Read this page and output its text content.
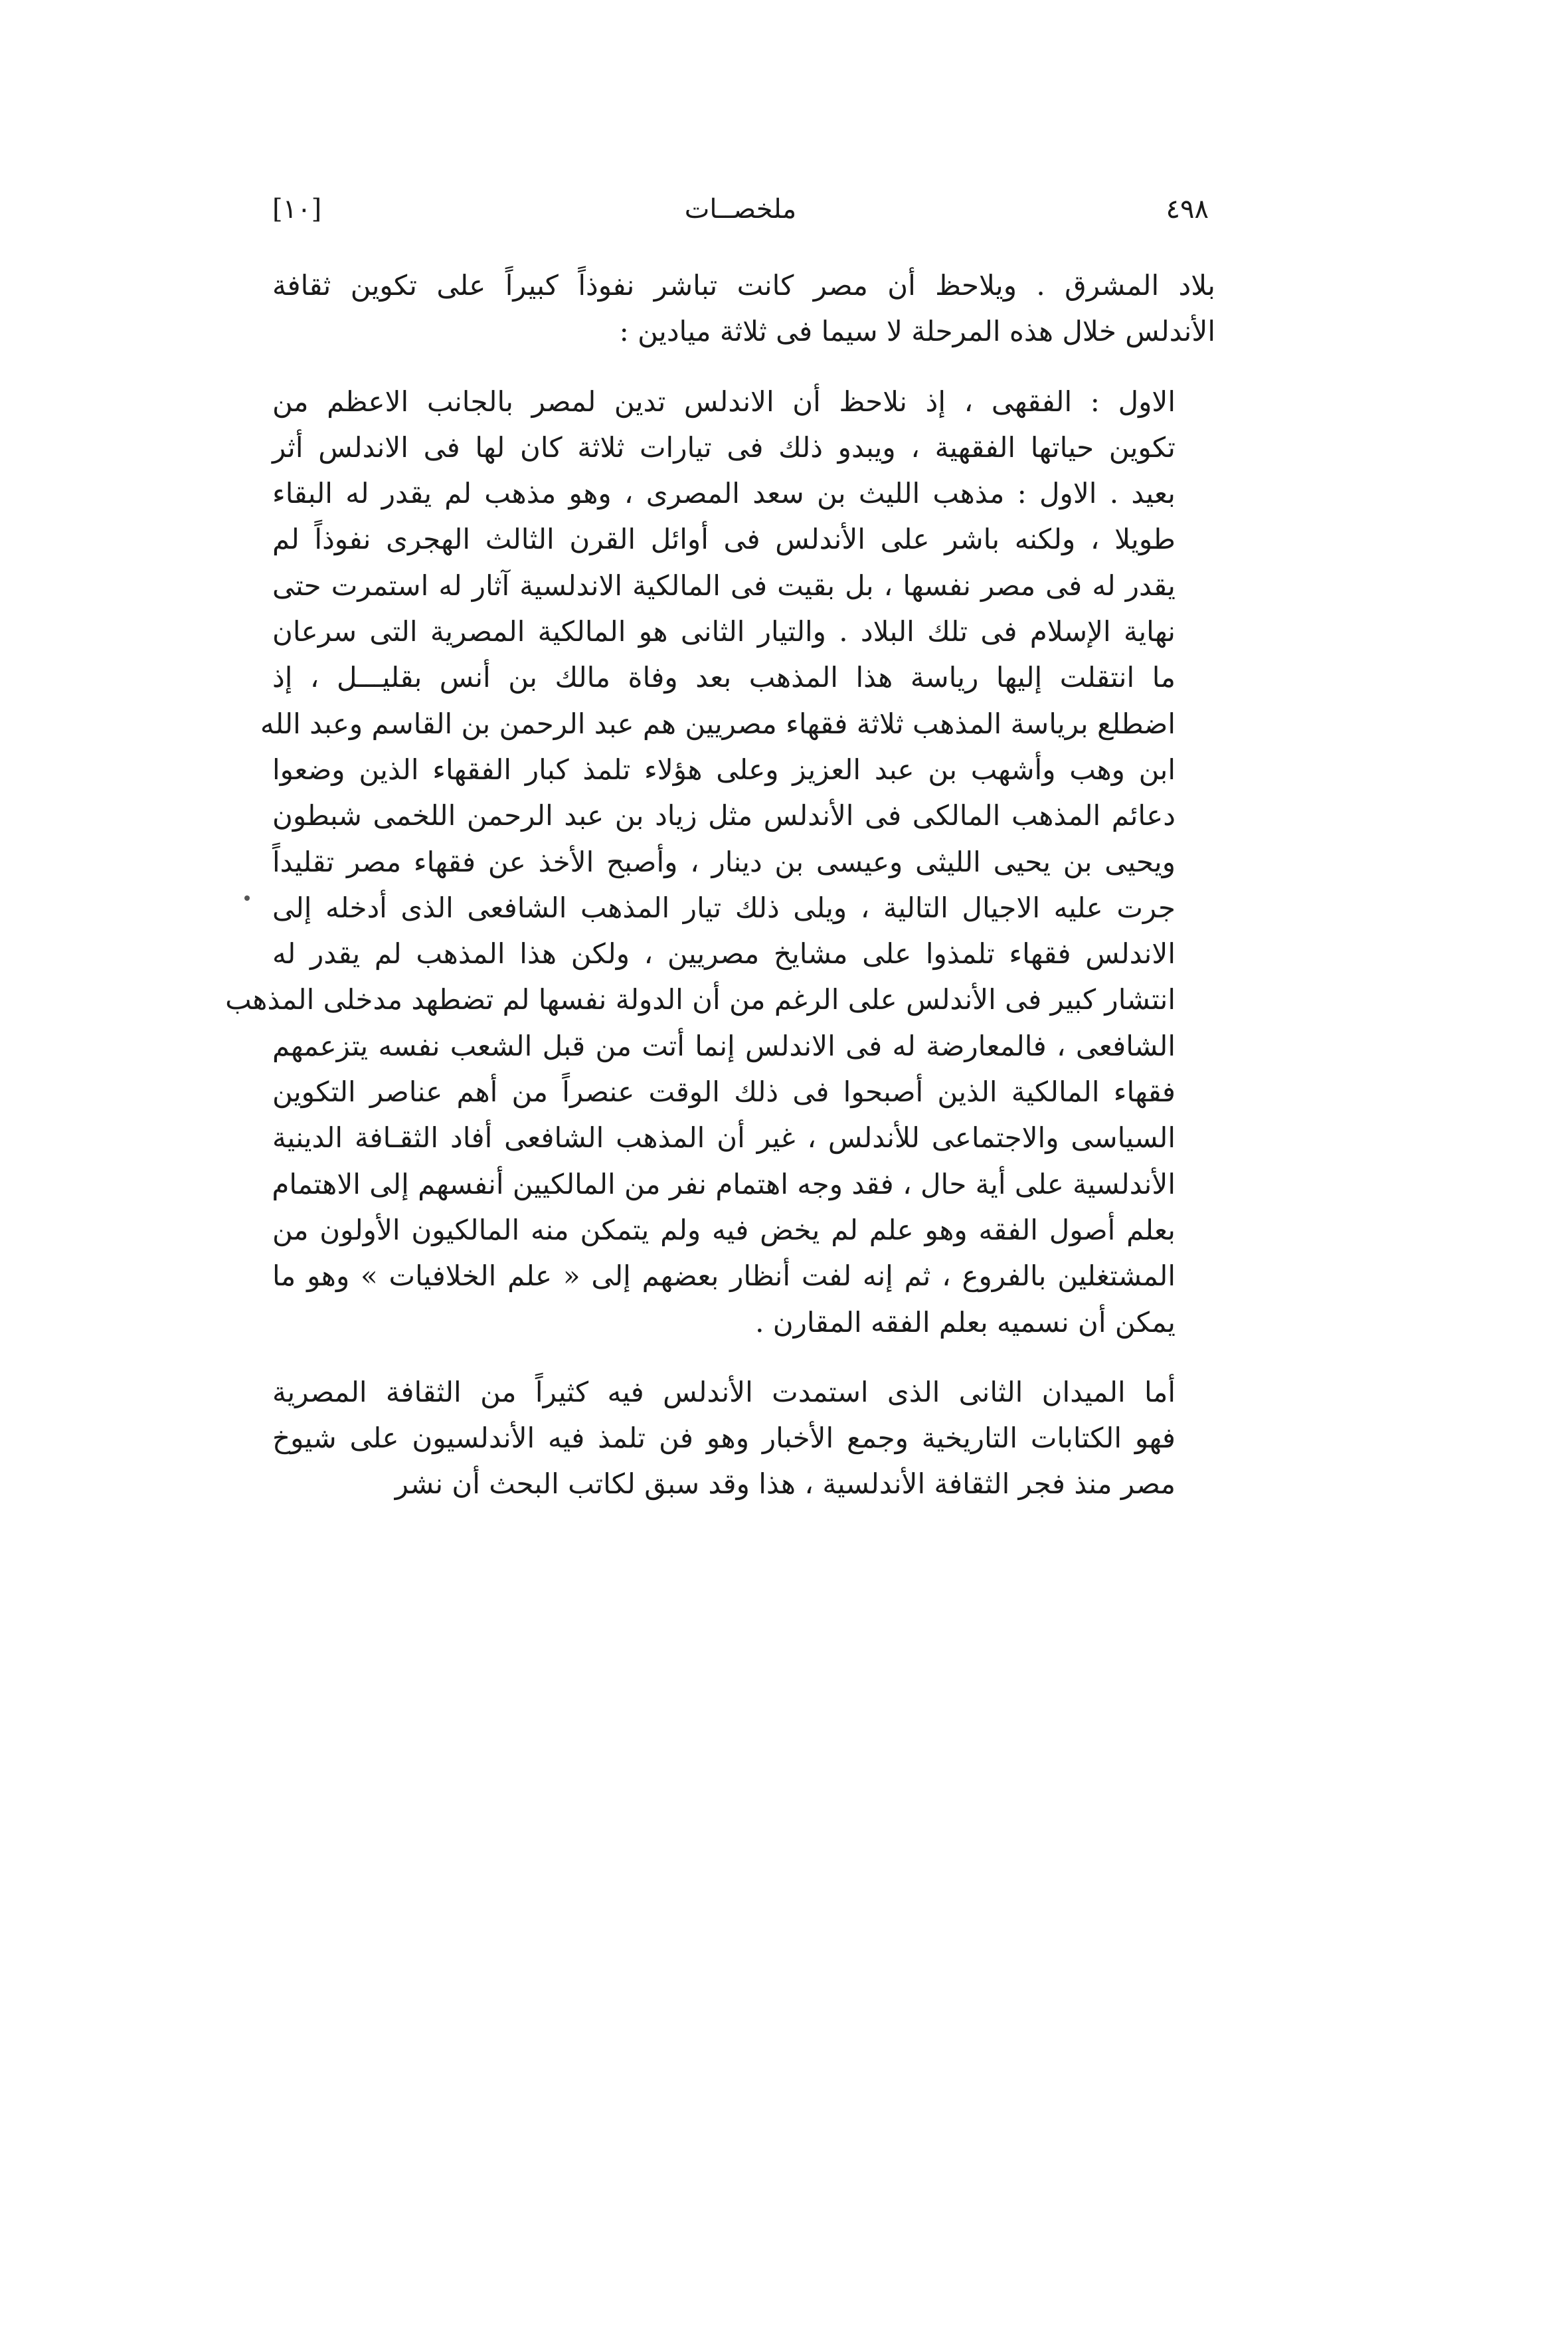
[١٠]	ملخصــات	٤٩٨
بلاد المشرق . ويلاحظ أن مصر كانت تباشر نفوذاً كبيراً على تكوين ثقافة
الأندلس خلال هذه المرحلة لا سيما فى ثلاثة ميادين :
الاول : الفقهى ، إذ نلاحظ أن الاندلس تدين لمصر بالجانب الاعظم من
تكوين حياتها الفقهية ، ويبدو ذلك فى تيارات ثلاثة كان لها فى الاندلس أثر
بعيد . الاول : مذهب الليث بن سعد المصرى ، وهو مذهب لم يقدر له البقاء
طويلا ، ولكنه باشر على الأندلس فى أوائل القرن الثالث الهجرى نفوذاً لم
يقدر له فى مصر نفسها ، بل بقيت فى المالكية الاندلسية آثار له استمرت حتى
نهاية الإسلام فى تلك البلاد . والتيار الثانى هو المالكية المصرية التى سرعان
ما انتقلت إليها رياسة هذا المذهب بعد وفاة مالك بن أنس بقليـــل ، إذ
اضطلع برياسة المذهب ثلاثة فقهاء مصريين هم عبد الرحمن بن القاسم وعبد الله
ابن وهب وأشهب بن عبد العزيز وعلى هؤلاء تلمذ كبار الفقهاء الذين وضعوا
دعائم المذهب المالكى فى الأندلس مثل زياد بن عبد الرحمن اللخمى شبطون
ويحيى بن يحيى الليثى وعيسى بن دينار ، وأصبح الأخذ عن فقهاء مصر تقليداً
جرت عليه الاجيال التالية ، ويلى ذلك تيار المذهب الشافعى الذى أدخله إلى
الاندلس فقهاء تلمذوا على مشايخ مصريين ، ولكن هذا المذهب لم يقدر له
انتشار كبير فى الأندلس على الرغم من أن الدولة نفسها لم تضطهد مدخلى المذهب
الشافعى ، فالمعارضة له فى الاندلس إنما أتت من قبل الشعب نفسه يتزعمهم
فقهاء المالكية الذين أصبحوا فى ذلك الوقت عنصراً من أهم عناصر التكوين
السياسى والاجتماعى للأندلس ، غير أن المذهب الشافعى أفاد الثقـافة الدينية
الأندلسية على أية حال ، فقد وجه اهتمام نفر من المالكيين أنفسهم إلى الاهتمام
بعلم أصول الفقه وهو علم لم يخض فيه ولم يتمكن منه المالكيون الأولون من
المشتغلين بالفروع ، ثم إنه لفت أنظار بعضهم إلى « علم الخلافيات » وهو ما
يمكن أن نسميه بعلم الفقه المقارن .
أما الميدان الثانى الذى استمدت الأندلس فيه كثيراً من الثقافة المصرية
فهو الكتابات التاريخية وجمع الأخبار وهو فن تلمذ فيه الأندلسيون على شيوخ
مصر منذ فجر الثقافة الأندلسية ، هذا وقد سبق لكاتب البحث أن نشر
